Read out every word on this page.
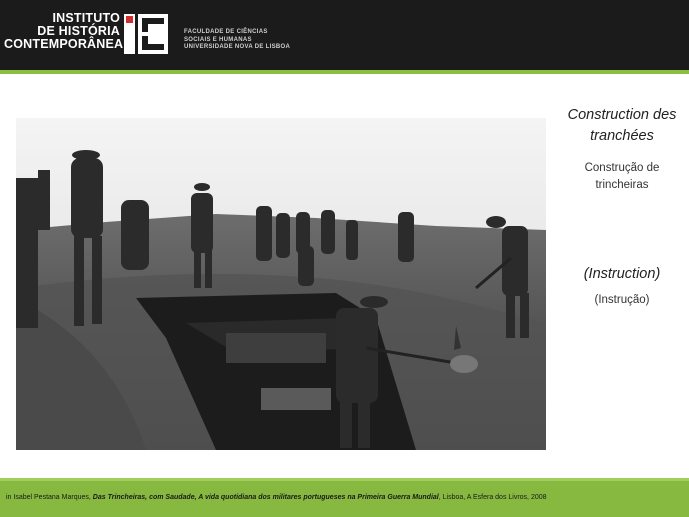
INSTITUTO
DE HISTÓRIA
CONTEMPORÂNEA
FACULDADE DE CIÊNCIAS
SOCIAIS E HUMANAS
UNIVERSIDADE NOVA DE LISBOA
Construction des tranchées
Construção de trincheiras
(Instruction)
(Instrução)
in Isabel Pestana Marques, Das Trincheiras, com Saudade, A vida quotidiana dos militares portugueses na Primeira Guerra Mundial, Lisboa, A Esfera dos Livros, 2008
